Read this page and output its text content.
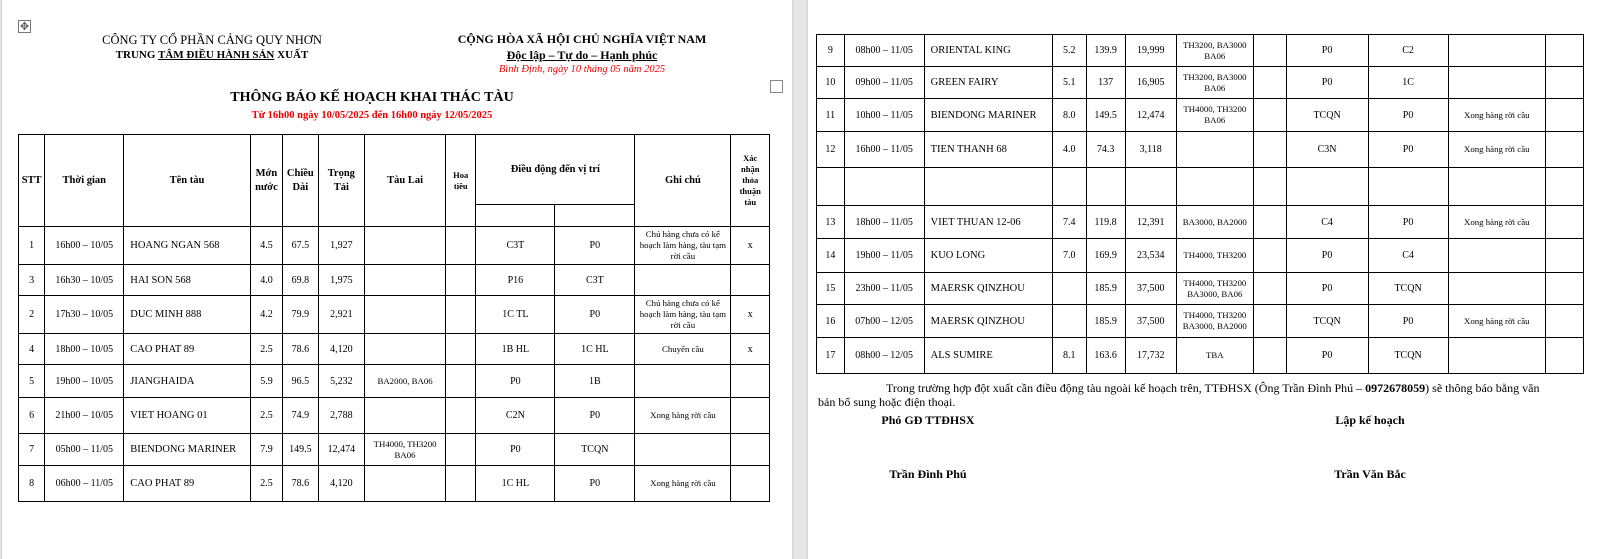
✥
CÔNG TY CỔ PHẦN CẢNG QUY NHƠN
TRUNG TÂM ĐIỀU HÀNH SẢN XUẤT
CỘNG HÒA XÃ HỘI CHỦ NGHĨA VIỆT NAM
Độc lập – Tự do – Hạnh phúc
Bình Định, ngày 10 tháng 05 năm 2025
THÔNG BÁO KẾ HOẠCH KHAI THÁC TÀU
Từ 16h00 ngày 10/05/2025 đến 16h00 ngày 12/05/2025
STT	Thời gian	Tên tàu	Mớn nước	Chiều Dài	Trọng Tải	Tàu Lai	Hoa tiêu	Điều động đến vị trí		Ghi chú	Xác nhận thỏa thuận tàu

1	16h00 – 10/05	HOANG NGAN 568	4.5	67.5	1,927			C3T	P0	Chủ hàng chưa có kế hoạch làm hàng, tàu tạm rời cầu	x
3	16h30 – 10/05	HAI SON 568	4.0	69.8	1,975			P16	C3T		
2	17h30 – 10/05	DUC MINH 888	4.2	79.9	2,921			1C TL	P0	Chủ hàng chưa có kế hoạch làm hàng, tàu tạm rời cầu	x
4	18h00 – 10/05	CAO PHAT 89	2.5	78.6	4,120			1B HL	1C HL	Chuyển cầu	x
5	19h00 – 10/05	JIANGHAIDA	5.9	96.5	5,232	BA2000, BA06		P0	1B		
6	21h00 – 10/05	VIET HOANG 01	2.5	74.9	2,788			C2N	P0	Xong hàng rời cầu	
7	05h00 – 11/05	BIENDONG MARINER	7.9	149.5	12,474	TH4000, TH3200 BA06		P0	TCQN		
8	06h00 – 11/05	CAO PHAT 89	2.5	78.6	4,120			1C HL	P0	Xong hàng rời cầu	
9	08h00 – 11/05	ORIENTAL KING	5.2	139.9	19,999	TH3200, BA3000 BA06		P0	C2		
10	09h00 – 11/05	GREEN FAIRY	5.1	137	16,905	TH3200, BA3000 BA06		P0	1C		
11	10h00 – 11/05	BIENDONG MARINER	8.0	149.5	12,474	TH4000, TH3200 BA06		TCQN	P0	Xong hàng rời cầu	
12	16h00 – 11/05	TIEN THANH 68	4.0	74.3	3,118			C3N	P0	Xong hàng rời cầu	

13	18h00 – 11/05	VIET THUAN 12-06	7.4	119.8	12,391	BA3000, BA2000		C4	P0	Xong hàng rời cầu	
14	19h00 – 11/05	KUO LONG	7.0	169.9	23,534	TH4000, TH3200		P0	C4		
15	23h00 – 11/05	MAERSK QINZHOU		185.9	37,500	TH4000, TH3200 BA3000, BA06		P0	TCQN		
16	07h00 – 12/05	MAERSK QINZHOU		185.9	37,500	TH4000, TH3200 BA3000, BA2000		TCQN	P0	Xong hàng rời cầu	
17	08h00 – 12/05	ALS SUMIRE	8.1	163.6	17,732	TBA		P0	TCQN		
Trong trường hợp đột xuất cần điều động tàu ngoài kế hoạch trên, TTĐHSX (Ông Trần Đình Phú – 0972678059) sẽ thông báo bằng văn bản bổ sung hoặc điện thoại.
Phó GĐ TTĐHSX	Lập kế hoạch
Trần Đình Phú	Trần Văn Bắc
